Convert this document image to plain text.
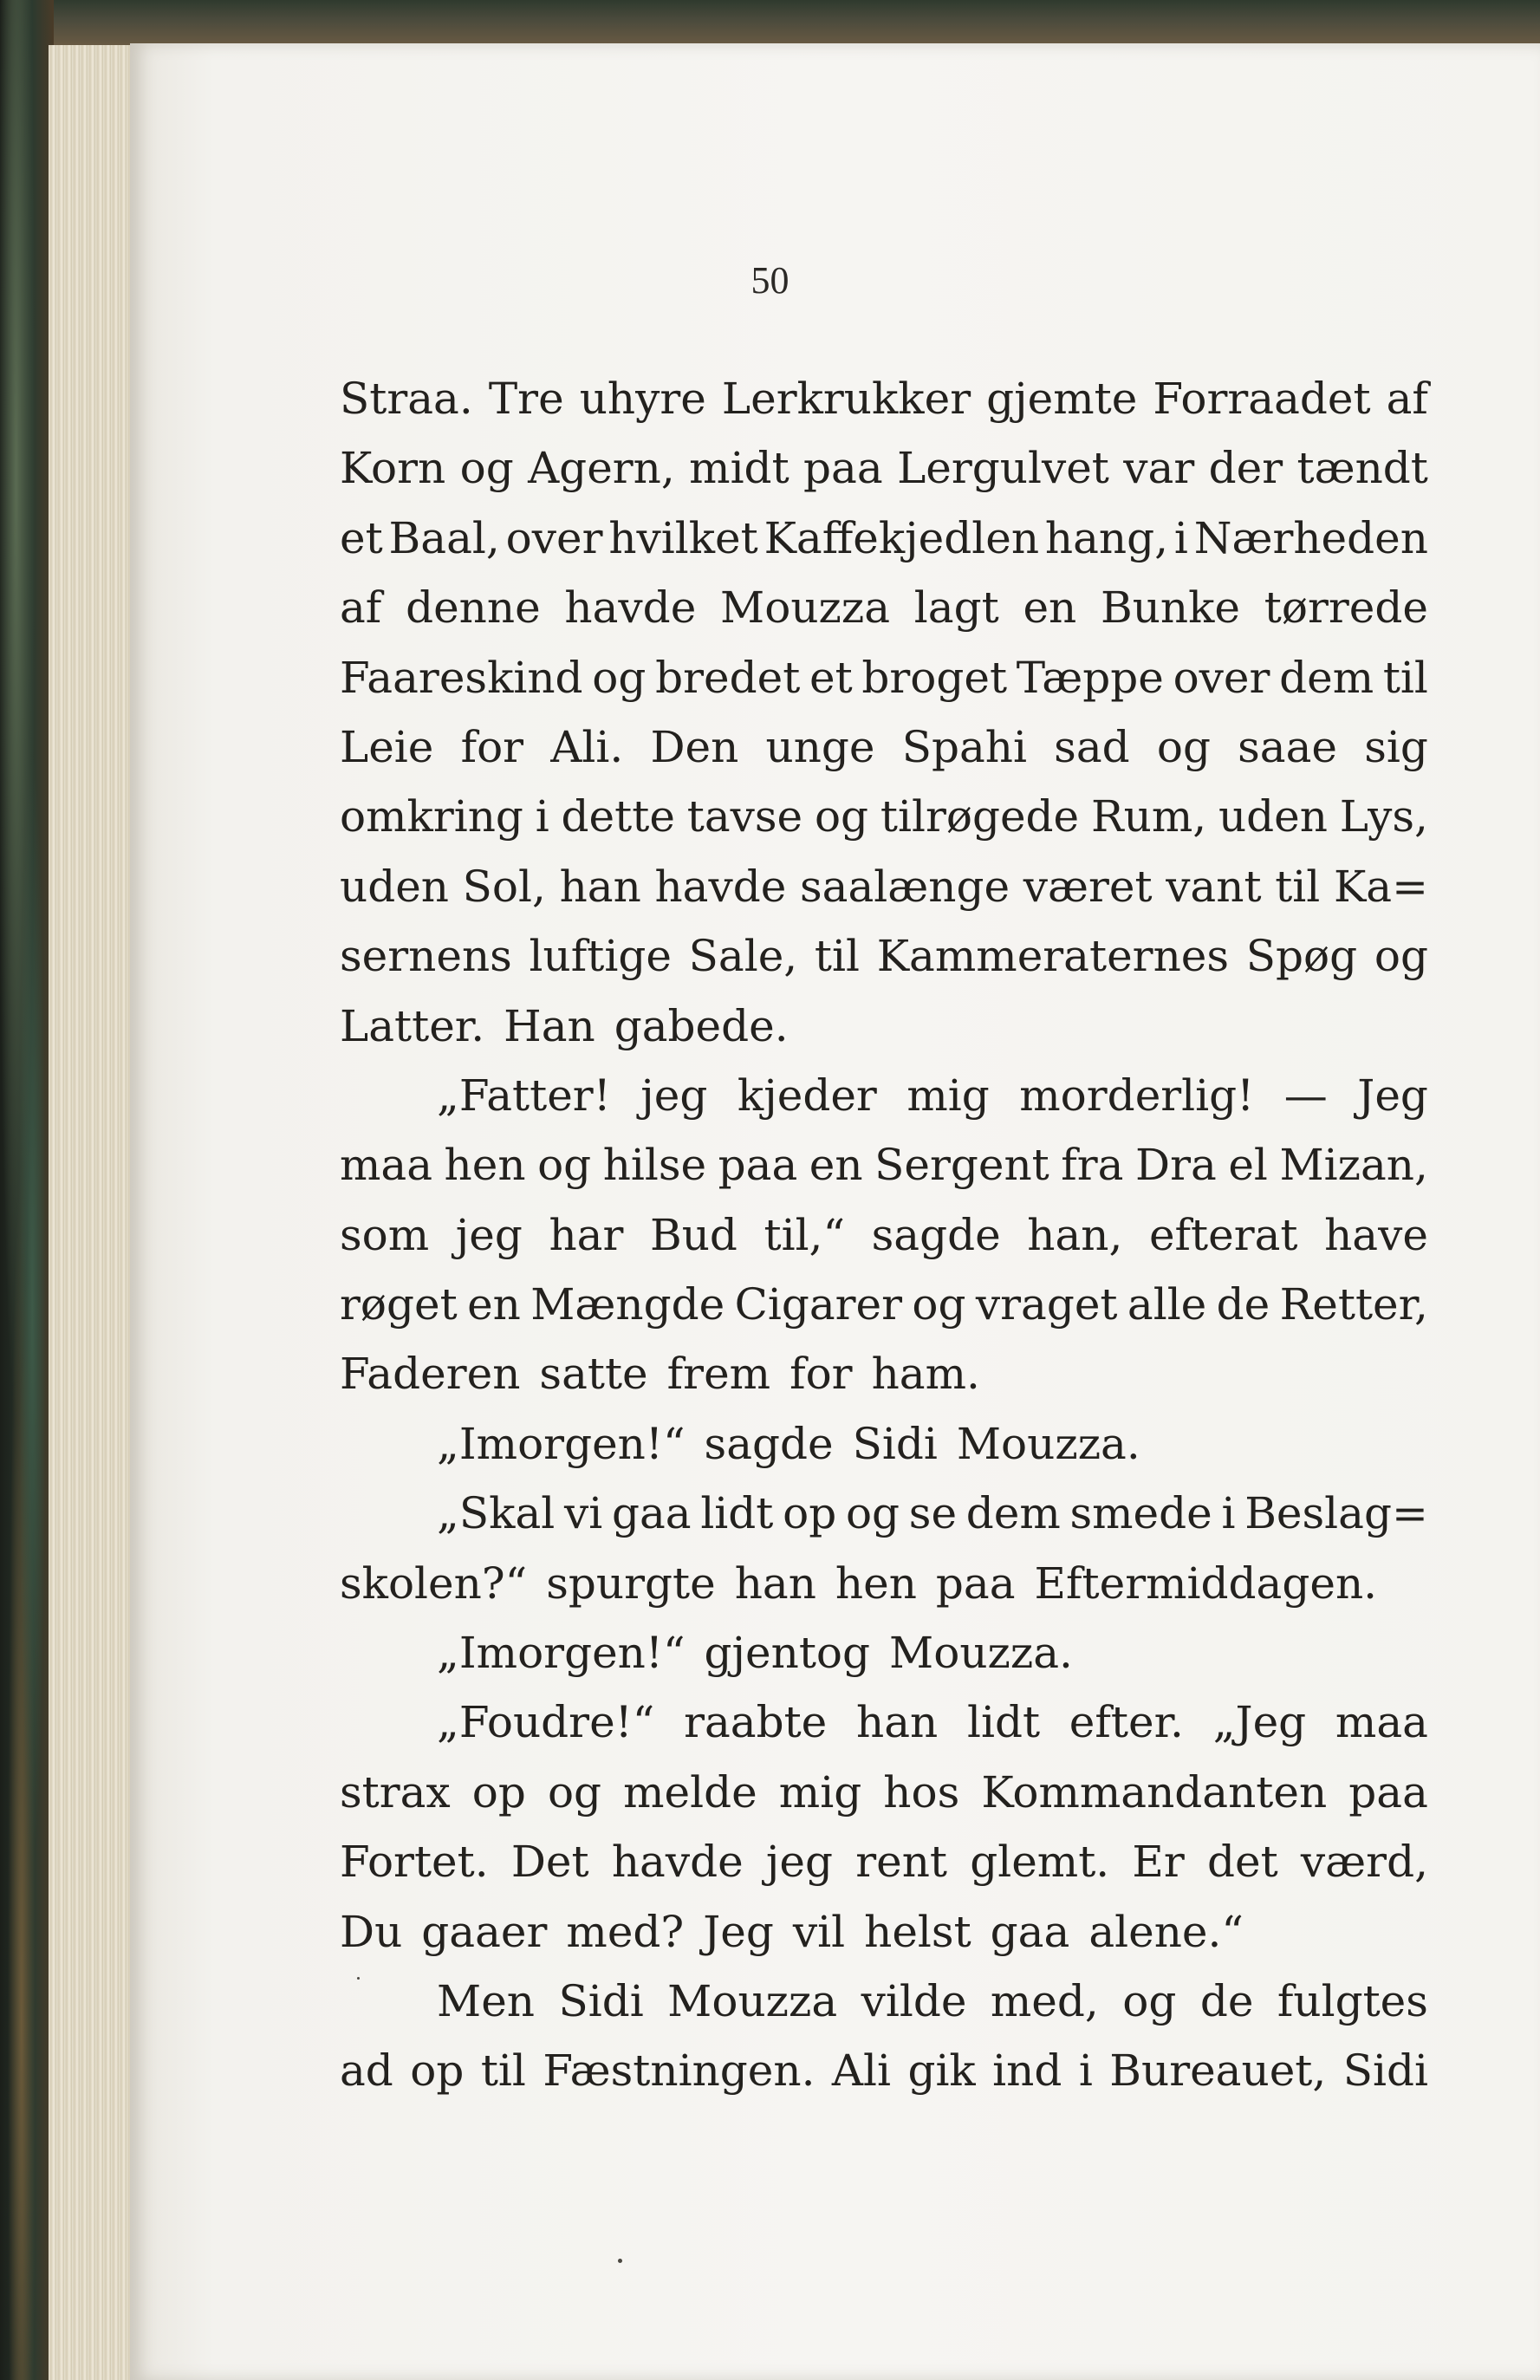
50
Straa. Tre uhyre Lerkrukker gjemte Forraadet af
Korn og Agern, midt paa Lergulvet var der tændt
et Baal, over hvilket Kaffekjedlen hang, i Nærheden
af denne havde Mouzza lagt en Bunke tørrede
Faareskind og bredet et broget Tæppe over dem til
Leie for Ali. Den unge Spahi sad og saae sig
omkring i dette tavse og tilrøgede Rum, uden Lys,
uden Sol, han havde saalænge været vant til Ka=
sernens luftige Sale, til Kammeraternes Spøg og
Latter. Han gabede.
„Fatter! jeg kjeder mig morderlig! — Jeg
maa hen og hilse paa en Sergent fra Dra el Mizan,
som jeg har Bud til,“ sagde han, efterat have
røget en Mængde Cigarer og vraget alle de Retter,
Faderen satte frem for ham.
„Imorgen!“ sagde Sidi Mouzza.
„Skal vi gaa lidt op og se dem smede i Beslag=
skolen?“ spurgte han hen paa Eftermiddagen.
„Imorgen!“ gjentog Mouzza.
„Foudre!“ raabte han lidt efter. „Jeg maa
strax op og melde mig hos Kommandanten paa
Fortet. Det havde jeg rent glemt. Er det værd,
Du gaaer med? Jeg vil helst gaa alene.“
Men Sidi Mouzza vilde med, og de fulgtes
ad op til Fæstningen. Ali gik ind i Bureauet, Sidi
